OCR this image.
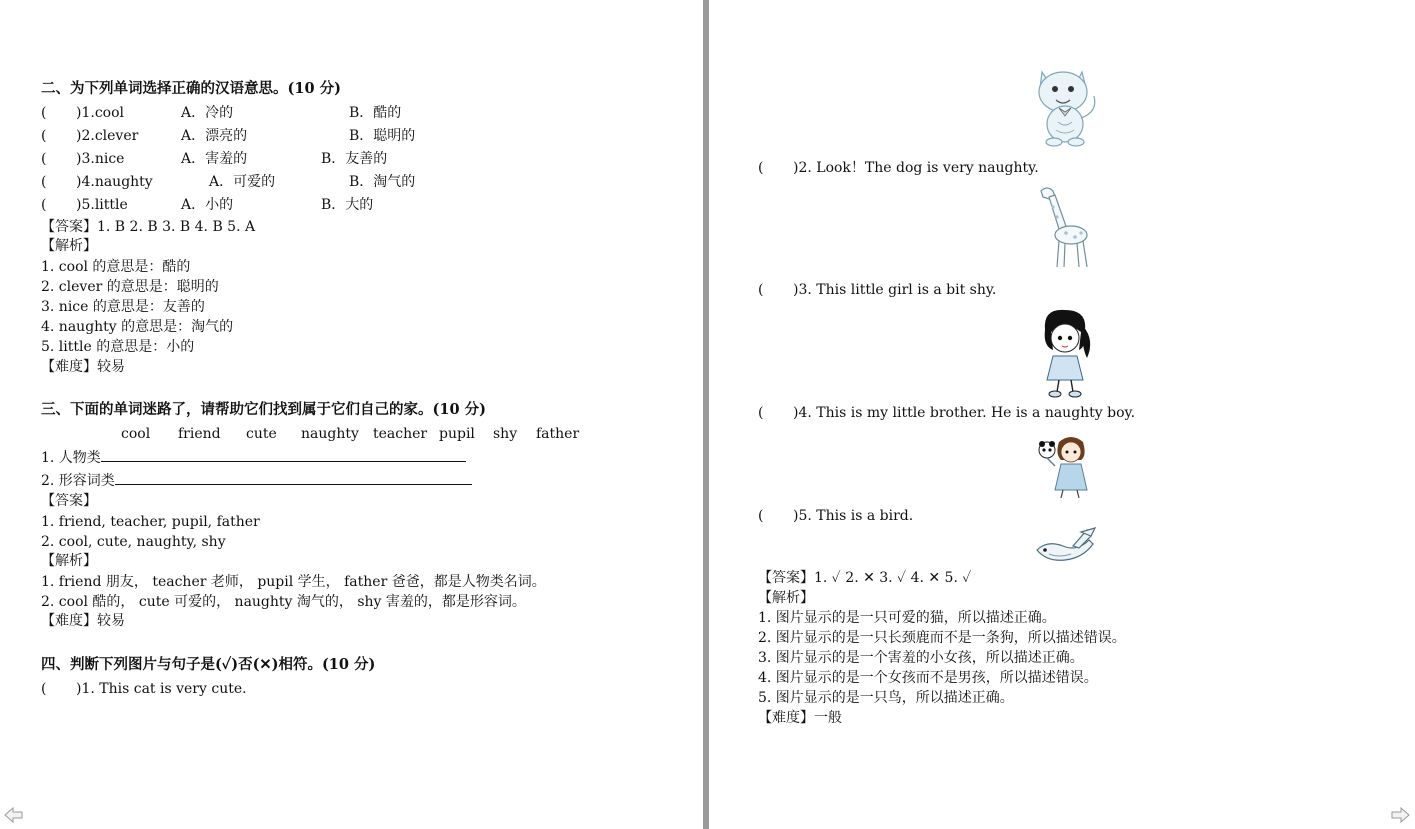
二、为下列单词选择正确的汉语意思。(10 分)
( )1.cool	A．冷的	B．酷的
( )2.clever	A．漂亮的	B．聪明的
( )3.nice	A．害羞的	B．友善的
( )4.naughty	A．可爱的	B．淘气的
( )5.little	A．小的	B．大的
【答案】1. B 2. B 3. B 4. B 5. A
【解析】
1. cool 的意思是：酷的
2. clever 的意思是：聪明的
3. nice 的意思是：友善的
4. naughty 的意思是：淘气的
5. little 的意思是：小的
【难度】较易
三、下面的单词迷路了，请帮助它们找到属于它们自己的家。(10 分)
cool friend cute naughty teacher pupil shy father
1. 人物类
2. 形容词类
【答案】
1. friend, teacher, pupil, father
2. cool, cute, naughty, shy
【解析】
1. friend 朋友， teacher 老师， pupil 学生， father 爸爸，都是人物类名词。
2. cool 酷的， cute 可爱的， naughty 淘气的， shy 害羞的，都是形容词。
【难度】较易
四、判断下列图片与句子是(✓)否(✕)相符。(10 分)
( )1. This cat is very cute.
( )2. Look！The dog is very naughty.
( )3. This little girl is a bit shy.
( )4. This is my little brother. He is a naughty boy.
( )5. This is a bird.
【答案】1. ✓ 2. ✕ 3. ✓ 4. ✕ 5. ✓
【解析】
1. 图片显示的是一只可爱的猫，所以描述正确。
2. 图片显示的是一只长颈鹿而不是一条狗，所以描述错误。
3. 图片显示的是一个害羞的小女孩，所以描述正确。
4. 图片显示的是一个女孩而不是男孩，所以描述错误。
5. 图片显示的是一只鸟，所以描述正确。
【难度】一般
